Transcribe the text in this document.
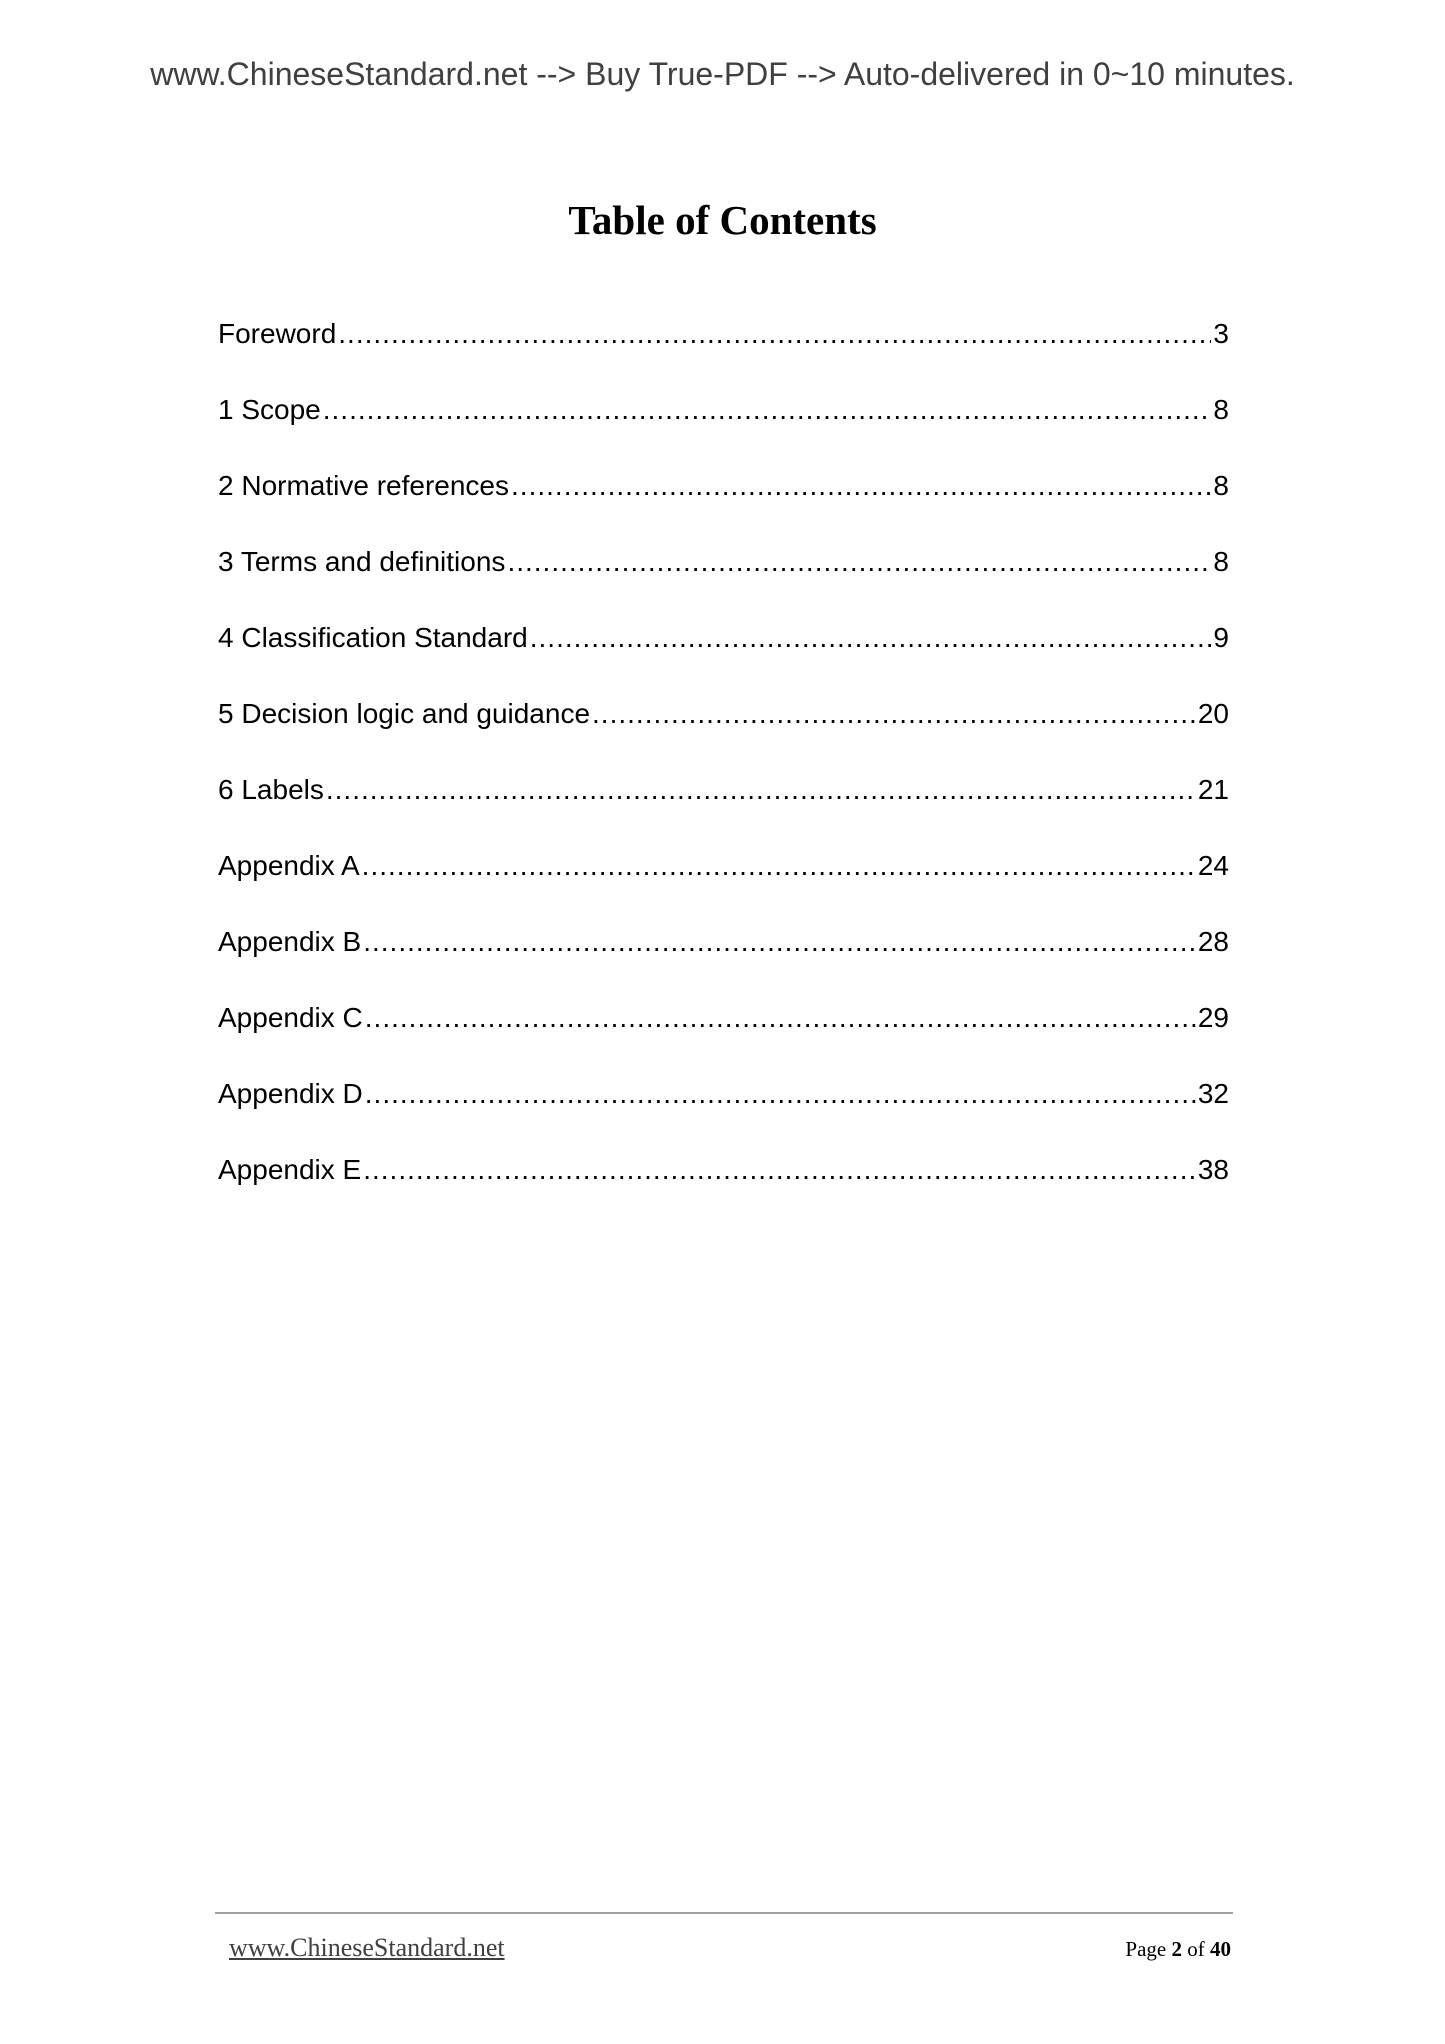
www.ChineseStandard.net --> Buy True-PDF --> Auto-delivered in 0~10 minutes.
Table of Contents
Foreword .....	3
1 Scope .....	8
2 Normative references .....	8
3 Terms and definitions .....	8
4 Classification Standard .....	9
5 Decision logic and guidance .....	20
6 Labels .....	21
Appendix A .....	24
Appendix B .....	28
Appendix C .....	29
Appendix D .....	32
Appendix E .....	38
www.ChineseStandard.net	Page 2 of 40
